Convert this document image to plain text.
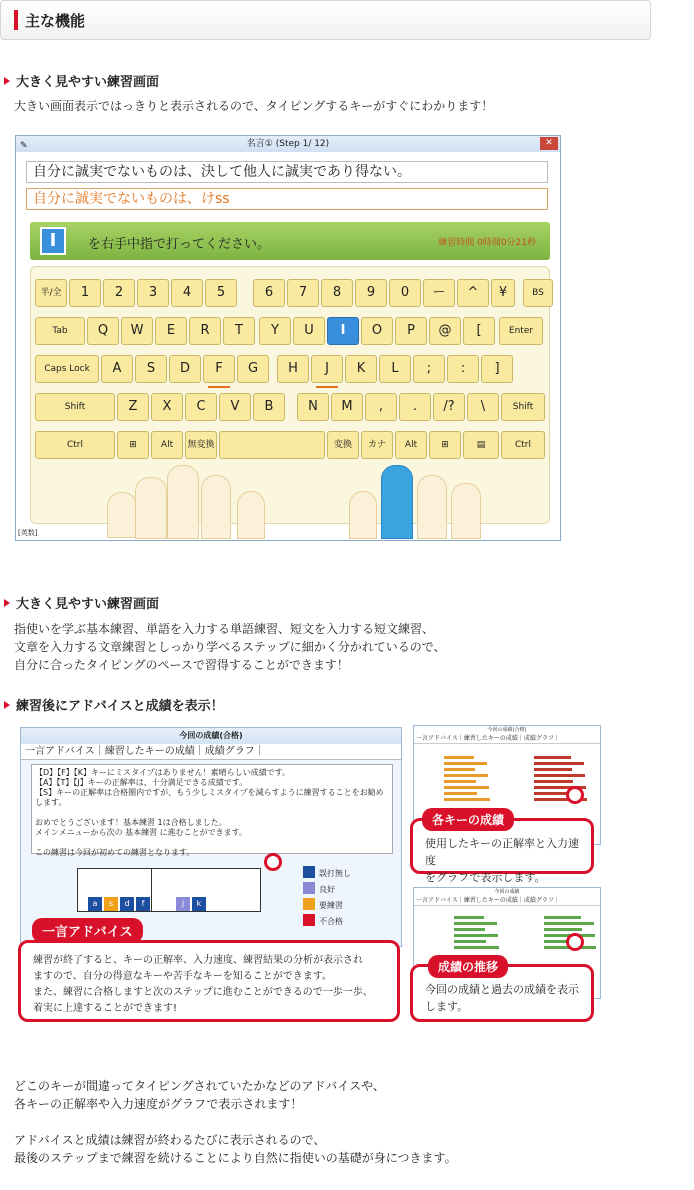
主な機能
大きく見やすい練習画面
大きい画面表示ではっきりと表示されるので、タイピングするキーがすぐにわかります！
✎	名言① (Step 1/ 12)	✕
自分に誠実でないものは、決して他人に誠実であり得ない。
自分に誠実でないものは、けss
I	を右手中指で打ってください。	練習時間 0時間0分21秒
半/全	1	2	3	4	5	6	7	8	9	0	ー	^	¥	BS
Tab	Q	W	E	R	T	Y	U	I	O	P	@	[	Enter
Caps Lock	A	S	D	F	G	H	J	K	L	;	:	]
Shift	Z	X	C	V	B	N	M	,	.	/?	\	Shift
Ctrl	⊞	Alt	無変換	変換	カナ	Alt	⊞	▤	Ctrl
[英数]
大きく見やすい練習画面
指使いを学ぶ基本練習、単語を入力する単語練習、短文を入力する短文練習、
文章を入力する文章練習としっかり学べるステップに細かく分かれているので、
自分に合ったタイピングのペースで習得することができます！
練習後にアドバイスと成績を表示！
今回の成績(合格)
一言アドバイス｜練習したキーの成績｜成績グラフ｜
【D】【F】【K】キーにミスタイプはありません！素晴らしい成績です。
【A】【T】【J】キーの正解率は、十分満足できる成績です。
【S】キーの正解率は合格圏内ですが、もう少しミスタイプを減らすように練習することをお勧めします。
おめでとうございます！基本練習 1は合格しました。
メインメニューから次の 基本練習 に進むことができます。
この練習は今回が初めての練習となります。
a	s	d	f	j	k
誤打無し
良好
要練習
不合格
練習が終了すると、キーの正解率、入力速度、練習結果の分析が表示され
ますので、自分の得意なキーや苦手なキーを知ることができます。
また、練習に合格しますと次のステップに進むことができるので一歩一歩、
着実に上達することができます!
一言アドバイス
今回の成績(合格)
一言アドバイス｜練習したキーの成績｜成績グラフ｜
使用したキーの正解率と入力速度
をグラフで表示します。
各キーの成績
今回の成績
一言アドバイス｜練習したキーの成績｜成績グラフ｜
今回の成績と過去の成績を表示
します。
成績の推移
どこのキーが間違ってタイピングされていたかなどのアドバイスや、
各キーの正解率や入力速度がグラフで表示されます！
アドバイスと成績は練習が終わるたびに表示されるので、
最後のステップまで練習を続けることにより自然に指使いの基礎が身につきます。
